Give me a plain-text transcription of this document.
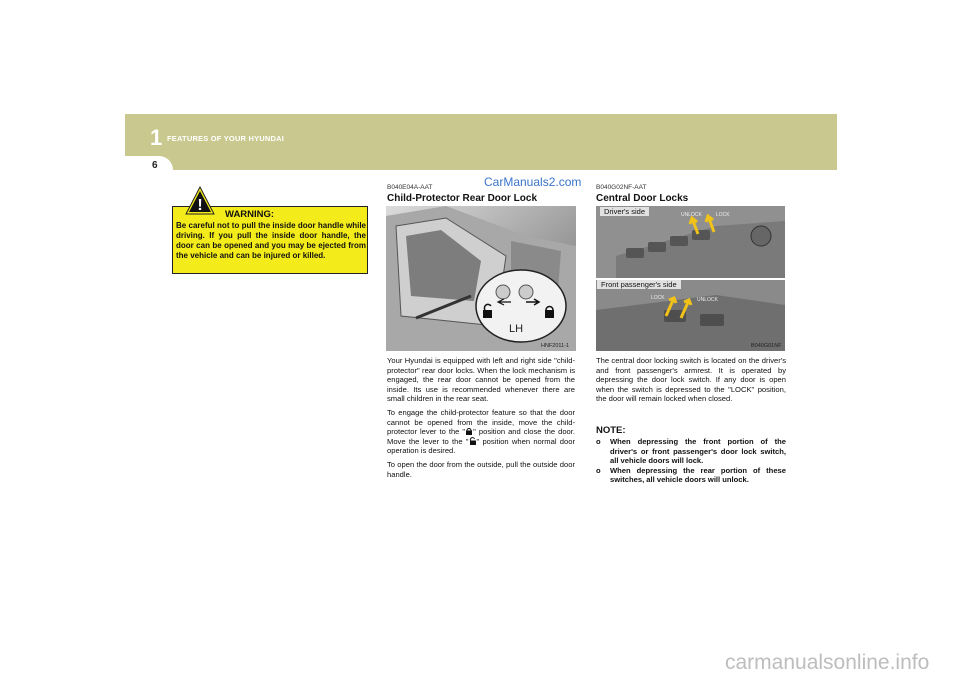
1 FEATURES OF YOUR HYUNDAI
6
CarManuals2.com
!
WARNING:
Be careful not to pull the inside door handle while driving. If you pull the inside door handle, the door can be opened and you may be ejected from the vehicle and can be injured or killed.
B040E04A-AAT
Child-Protector Rear Door Lock
LH
HNF2011-1

Your Hyundai is equipped with left and right side "child-protector" rear door locks. When the lock mechanism is engaged, the rear door cannot be opened from the inside. Its use is recommended whenever there are small children in the rear seat.

To engage the child-protector feature so that the door cannot be opened from the inside, move the child-protector lever to the " " position and close the door. Move the lever to the " " position when normal door operation is desired.

To open the door from the outside, pull the outside door handle.

B040G02NF-AAT
Central Door Locks
Driver's side	UNLOCK	LOCK
Front passenger's side
LOCK	UNLOCK
B040G01NF
The central door locking switch is located on the driver's and front passenger's armrest. It is operated by depressing the door lock switch. If any door is open when the switch is depressed to the "LOCK" position, the door will remain locked when closed.
NOTE:

o When depressing the front portion of the driver's or front passenger's door lock switch, all vehicle doors will lock.

o When depressing the rear portion of these switches, all vehicle doors will unlock.

carmanualsonline.info
